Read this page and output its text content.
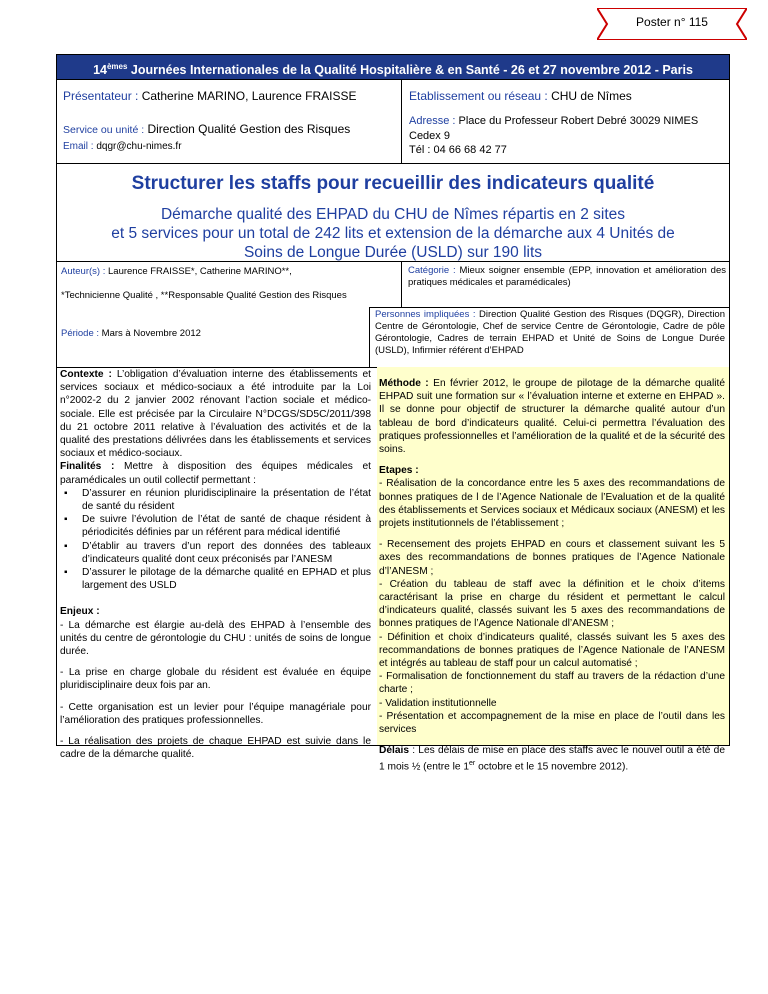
Poster n° 115
14èmes Journées Internationales de la Qualité Hospitalière & en Santé - 26 et 27 novembre 2012 - Paris
Présentateur : Catherine MARINO, Laurence FRAISSE	Etablissement ou réseau : CHU de Nîmes
Service ou unité : Direction Qualité Gestion des Risques
Email : dqgr@chu-nimes.fr
Adresse : Place du Professeur Robert Debré 30029 NIMES
Cedex 9
Tél : 04 66 68 42 77
Structurer les staffs pour recueillir des indicateurs qualité
Démarche qualité des EHPAD du CHU de Nîmes répartis en 2 sites
et 5 services pour un total de 242 lits et extension de la démarche aux 4 Unités de
Soins de Longue Durée (USLD) sur 190 lits
Auteur(s) : Laurence FRAISSE*, Catherine MARINO**,
*Technicienne Qualité , **Responsable Qualité Gestion des Risques
Catégorie : Mieux soigner ensemble (EPP, innovation et amélioration des pratiques médicales et paramédicales)
Période : Mars à Novembre 2012
Personnes impliquées : Direction Qualité Gestion des Risques (DQGR), Direction Centre de Gérontologie, Chef de service Centre de Gérontologie, Cadre de pôle Gérontologie, Cadres de terrain EHPAD et Unité de Soins de Longue Durée (USLD), Infirmier référent d’EHPAD

Contexte : L’obligation d’évaluation interne des établissements et services sociaux et médico-sociaux a été introduite par la Loi n°2002-2 du 2 janvier 2002 rénovant l’action sociale et médico-sociale. Elle est précisée par la Circulaire N°DCGS/SD5C/2011/398 du 21 octobre 2011 relative à l’évaluation des activités et de la qualité des prestations délivrées dans les établissements et services sociaux et médico-sociaux.

Finalités : Mettre à disposition des équipes médicales et paramédicales un outil collectif permettant :

▪ D’assurer en réunion pluridisciplinaire la présentation de l’état de santé du résident
▪ De suivre l’évolution de l’état de santé de chaque résident à périodicités définies par un référent para médical identifié
▪ D’établir au travers d’un report des données des tableaux d’indicateurs qualité dont ceux préconisés par l’ANESM
▪ D’assurer le pilotage de la démarche qualité en EPHAD et plus largement des USLD

Enjeux :

- La démarche est élargie au-delà des EHPAD à l’ensemble des unités du centre de gérontologie du CHU : unités de soins de longue durée.

- La prise en charge globale du résident est évaluée en équipe pluridisciplinaire deux fois par an.

- Cette organisation est un levier pour l’équipe managériale pour l’amélioration des pratiques professionnelles.

- La réalisation des projets de chaque EHPAD est suivie dans le cadre de la démarche qualité.

Méthode : En février 2012, le groupe de pilotage de la démarche qualité EHPAD suit une formation sur « l’évaluation interne et externe en EHPAD ». Il se donne pour objectif de structurer la démarche qualité autour d’un tableau de bord d’indicateurs qualité. Celui-ci permettra l’évaluation des pratiques professionnelles et l’amélioration de la qualité et de la sécurité des soins.

Etapes :

- Réalisation de la concordance entre les 5 axes des recommandations de bonnes pratiques de l de l’Agence Nationale de l’Evaluation et de la qualité des établissements et Services sociaux et Médicaux sociaux (ANESM) et les projets institutionnels de l’établissement ;

- Recensement des projets EHPAD en cours et classement suivant les 5 axes des recommandations de bonnes pratiques de l’Agence Nationale d’l’ANESM ;

- Création du tableau de staff avec la définition et le choix d’items caractérisant la prise en charge du résident et permettant le calcul d’indicateurs qualité, classés suivant les 5 axes des recommandations de bonnes pratiques de l’Agence Nationale dl’ANESM ;

- Définition et choix d’indicateurs qualité, classés suivant les 5 axes des recommandations de bonnes pratiques de l’Agence Nationale de l’ANESM et intégrés au tableau de staff pour un calcul automatisé ;

- Formalisation de fonctionnement du staff au travers de la rédaction d’une charte ;

- Validation institutionnelle

- Présentation et accompagnement de la mise en place de l’outil dans les services

Délais : Les délais de mise en place des staffs avec le nouvel outil a été de 1 mois ½ (entre le 1er octobre et le 15 novembre 2012).
